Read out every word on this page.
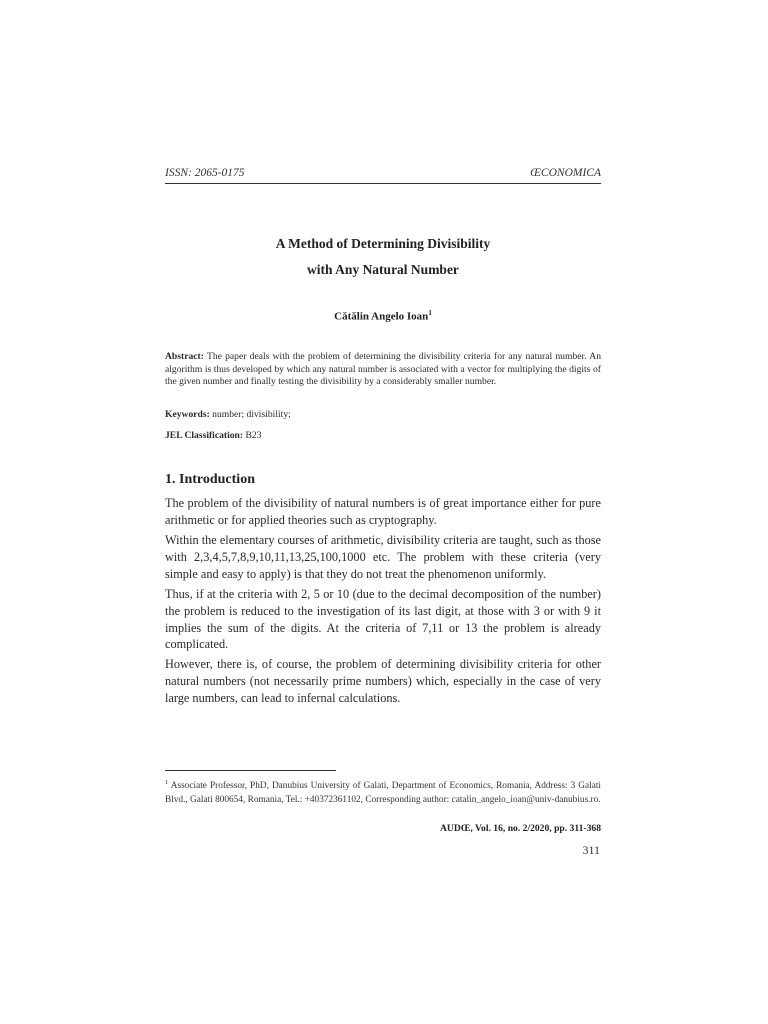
ISSN: 2065-0175	ŒCONOMICA
A Method of Determining Divisibility
with Any Natural Number
Cătălin Angelo Ioan$^1$
Abstract: The paper deals with the problem of determining the divisibility criteria for any natural number. An algorithm is thus developed by which any natural number is associated with a vector for multiplying the digits of the given number and finally testing the divisibility by a considerably smaller number.
Keywords: number; divisibility;
JEL Classification: B23
1. Introduction
The problem of the divisibility of natural numbers is of great importance either for pure arithmetic or for applied theories such as cryptography.
Within the elementary courses of arithmetic, divisibility criteria are taught, such as those with 2,3,4,5,7,8,9,10,11,13,25,100,1000 etc. The problem with these criteria (very simple and easy to apply) is that they do not treat the phenomenon uniformly.
Thus, if at the criteria with 2, 5 or 10 (due to the decimal decomposition of the number) the problem is reduced to the investigation of its last digit, at those with 3 or with 9 it implies the sum of the digits. At the criteria of 7,11 or 13 the problem is already complicated.
However, there is, of course, the problem of determining divisibility criteria for other natural numbers (not necessarily prime numbers) which, especially in the case of very large numbers, can lead to infernal calculations.
$^1$ Associate Professor, PhD, Danubius University of Galati, Department of Economics, Romania, Address: 3 Galati Blvd., Galati 800654, Romania, Tel.: +40372361102, Corresponding author: catalin_angelo_ioan@univ-danubius.ro.
AUDŒ, Vol. 16, no. 2/2020, pp. 311-368
311
